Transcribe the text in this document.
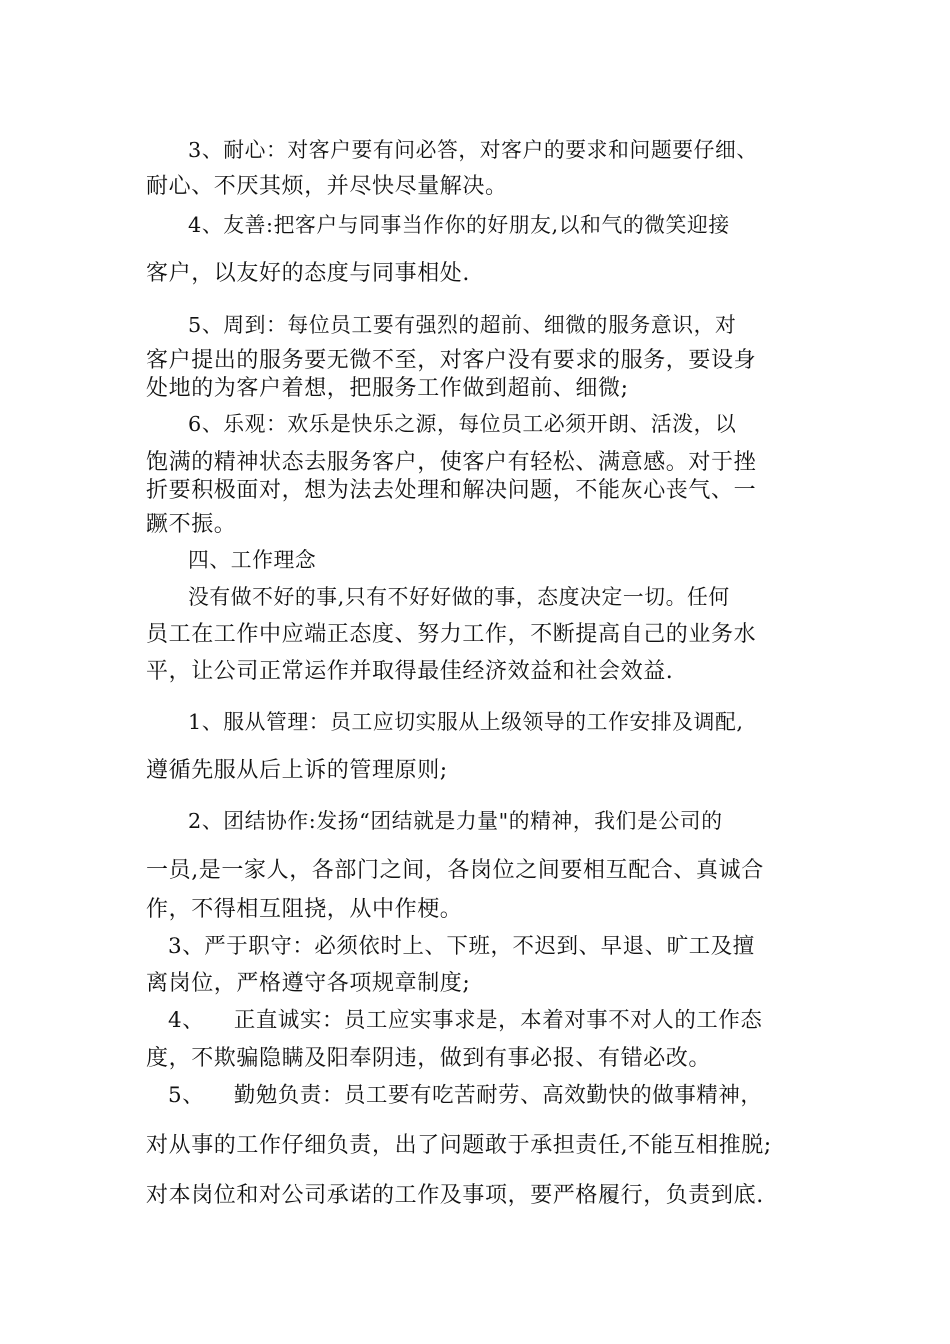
3、耐心：对客户要有问必答，对客户的要求和问题要仔细、
耐心、不厌其烦，并尽快尽量解决。
4、友善:把客户与同事当作你的好朋友,以和气的微笑迎接
客户，以友好的态度与同事相处.
5、周到：每位员工要有强烈的超前、细微的服务意识，对
客户提出的服务要无微不至，对客户没有要求的服务，要设身
处地的为客户着想，把服务工作做到超前、细微;
6、乐观：欢乐是快乐之源，每位员工必须开朗、活泼，以
饱满的精神状态去服务客户，使客户有轻松、满意感。对于挫
折要积极面对，想为法去处理和解决问题，不能灰心丧气、一
蹶不振。
四、工作理念
没有做不好的事,只有不好好做的事，态度决定一切。任何
员工在工作中应端正态度、努力工作，不断提高自己的业务水
平，让公司正常运作并取得最佳经济效益和社会效益.
1、服从管理：员工应切实服从上级领导的工作安排及调配,
遵循先服从后上诉的管理原则;
2、团结协作:发扬“团结就是力量"的精神，我们是公司的
一员,是一家人，各部门之间，各岗位之间要相互配合、真诚合
作，不得相互阻挠，从中作梗。
3、严于职守：必须依时上、下班，不迟到、早退、旷工及擅
离岗位，严格遵守各项规章制度;
4、    正直诚实：员工应实事求是，本着对事不对人的工作态
度，不欺骗隐瞒及阳奉阴违，做到有事必报、有错必改。
5、    勤勉负责：员工要有吃苦耐劳、高效勤快的做事精神，
对从事的工作仔细负责，出了问题敢于承担责任,不能互相推脱;
对本岗位和对公司承诺的工作及事项，要严格履行，负责到底.
